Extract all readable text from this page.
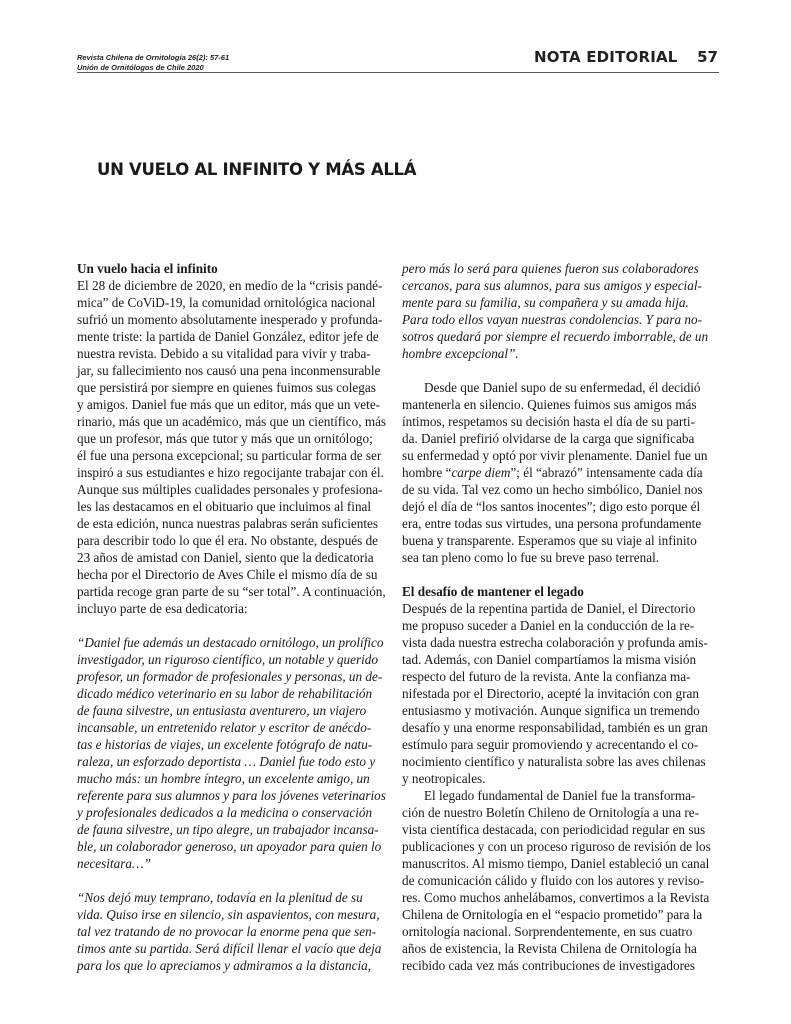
Revista Chilena de Ornitología 26(2): 57-61
Unión de Ornitólogos de Chile 2020
NOTA EDITORIAL 57
UN VUELO AL INFINITO Y MÁS ALLÁ
Un vuelo hacia el infinito

El 28 de diciembre de 2020, en medio de la “crisis pandé-
mica” de CoViD-19, la comunidad ornitológica nacional
sufrió un momento absolutamente inesperado y profunda-
mente triste: la partida de Daniel González, editor jefe de
nuestra revista. Debido a su vitalidad para vivir y traba-
jar, su fallecimiento nos causó una pena inconmensurable
que persistirá por siempre en quienes fuimos sus colegas
y amigos. Daniel fue más que un editor, más que un vete-
rinario, más que un académico, más que un científico, más
que un profesor, más que tutor y más que un ornitólogo;
él fue una persona excepcional; su particular forma de ser
inspiró a sus estudiantes e hizo regocijante trabajar con él.
Aunque sus múltiples cualidades personales y profesiona-
les las destacamos en el obituario que incluimos al final
de esta edición, nunca nuestras palabras serán suficientes
para describir todo lo que él era. No obstante, después de
23 años de amistad con Daniel, siento que la dedicatoria
hecha por el Directorio de Aves Chile el mismo día de su
partida recoge gran parte de su “ser total”. A continuación,
incluyo parte de esa dedicatoria:

“Daniel fue además un destacado ornitólogo, un prolífico
investigador, un riguroso científico, un notable y querido
profesor, un formador de profesionales y personas, un de-
dicado médico veterinario en su labor de rehabilitación
de fauna silvestre, un entusiasta aventurero, un viajero
incansable, un entretenido relator y escritor de anécdo-
tas e historias de viajes, un excelente fotógrafo de natu-
raleza, un esforzado deportista … Daniel fue todo esto y
mucho más: un hombre íntegro, un excelente amigo, un
referente para sus alumnos y para los jóvenes veterinarios
y profesionales dedicados a la medicina o conservación
de fauna silvestre, un tipo alegre, un trabajador incansa-
ble, un colaborador generoso, un apoyador para quien lo
necesitara…”

“Nos dejó muy temprano, todavía en la plenitud de su
vida. Quiso irse en silencio, sin aspavientos, con mesura,
tal vez tratando de no provocar la enorme pena que sen-
timos ante su partida. Será difícil llenar el vacío que deja
para los que lo apreciamos y admiramos a la distancia,

pero más lo será para quienes fueron sus colaboradores
cercanos, para sus alumnos, para sus amigos y especial-
mente para su familia, su compañera y su amada hija.
Para todo ellos vayan nuestras condolencias. Y para no-
sotros quedará por siempre el recuerdo imborrable, de un
hombre excepcional”.

Desde que Daniel supo de su enfermedad, él decidió
mantenerla en silencio. Quienes fuimos sus amigos más
íntimos, respetamos su decisión hasta el día de su parti-
da. Daniel prefirió olvidarse de la carga que significaba
su enfermedad y optó por vivir plenamente. Daniel fue un
hombre “carpe diem”; él “abrazó” intensamente cada día
de su vida. Tal vez como un hecho simbólico, Daniel nos
dejó el día de “los santos inocentes”; digo esto porque él
era, entre todas sus virtudes, una persona profundamente
buena y transparente. Esperamos que su viaje al infinito
sea tan pleno como lo fue su breve paso terrenal.

El desafío de mantener el legado

Después de la repentina partida de Daniel, el Directorio
me propuso suceder a Daniel en la conducción de la re-
vista dada nuestra estrecha colaboración y profunda amis-
tad. Además, con Daniel compartíamos la misma visión
respecto del futuro de la revista. Ante la confianza ma-
nifestada por el Directorio, acepté la invitación con gran
entusiasmo y motivación. Aunque significa un tremendo
desafío y una enorme responsabilidad, también es un gran
estímulo para seguir promoviendo y acrecentando el co-
nocimiento científico y naturalista sobre las aves chilenas
y neotropicales.

El legado fundamental de Daniel fue la transforma-
ción de nuestro Boletín Chileno de Ornitología a una re-
vista científica destacada, con periodicidad regular en sus
publicaciones y con un proceso riguroso de revisión de los
manuscritos. Al mismo tiempo, Daniel estableció un canal
de comunicación cálido y fluido con los autores y reviso-
res. Como muchos anhelábamos, convertimos a la Revista
Chilena de Ornitología en el “espacio prometido” para la
ornitología nacional. Sorprendentemente, en sus cuatro
años de existencia, la Revista Chilena de Ornitología ha
recibido cada vez más contribuciones de investigadores
